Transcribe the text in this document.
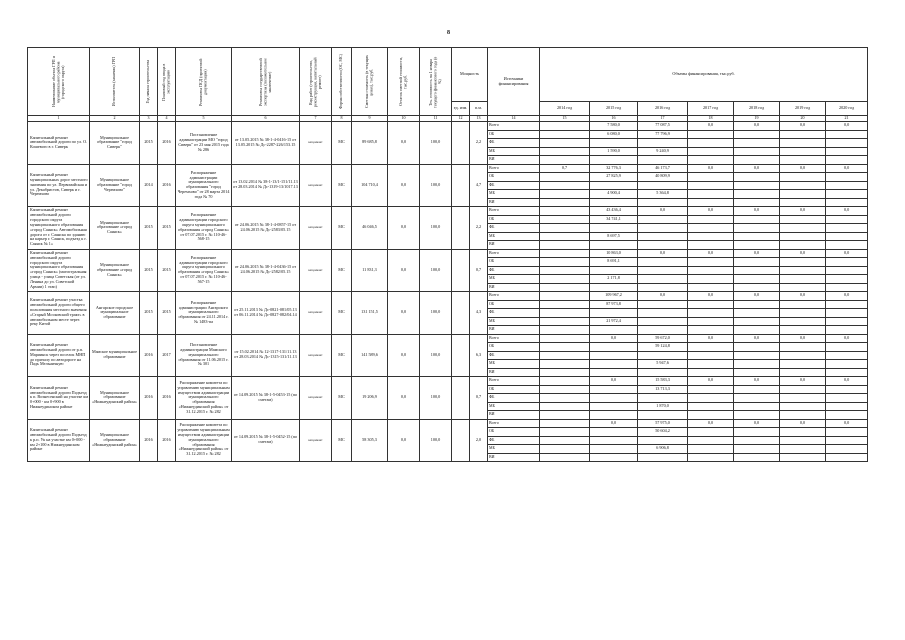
8
Наименование объекта ГРП и муниципального района (городского округа)	Исполнитель (заказчик) ГРП	Год начала строительства	Плановый год ввода в эксплуатацию	Реквизиты ПСД (проектной документации)	Реквизиты государственной экспертизы (положительное заключение)	Вид работ (строительство, реконструкция, капитальный ремонт)	Форма собственности (ОС, МС)	Сметная стоимость (в текущих ценах), тыс.руб.	Остаток сметной стоимости, тыс.руб.	Тех. готовность на 1 января текущего финансового года (в %)	Мощность		Источники финансирования	Объемы финансирования, тыс.руб.						
											ед. изм.	п.м.		2014 год	2015 год	2016 год	2017 год	2018 год	2019 год	2020 год
1	2	3	4	5	6	7	8	9	10	11	12	13	14	15	16	17	18	19	20	21
Капитальный ремонт автомобильной дороги по ул. О. Кошевого в г. Сиверк	Муниципальное образование "город Сиверк"	2015	2016	Постановление администрации МО "город Сиверк" от 23 мая 2015 года № 286	от 13.05.2015 № 38-1-4-0416-15 от 13.05.2015 № Дс-2287-226/153.15	кап.ремонт	МС	89 685,8	0,0	100,0		2,2	Всего		7 580,0	77 087,5	0,0	0,0	0,0	0,0
													ОБ		6 080,0	77 796,9				
													ФБ							
													МБ		1 590,0	9 240,9				
													ВИ							
Капитальный ремонт муниципальных дорог местного значения по ул. Первомайская и ул. Декабристов, Сиверк и г. Черемхово	Муниципальное образование "город Черемхово"	2014	2016	Распоряжение администрации муниципального образования "город Черемхово" от 28 марта 2014 года № 70	от 13.02.2014 № 38-1-13/1-151/11.13 от 28.03.2014 № Дс-1319-13/1017.13	кап.ремонт	МС	104 710,4	0,0	100,0		4,7	Всего	0,7	32 776,3	46 173,7	0,0	0,0	0,0	0,0
													ОБ		27 825,9	40 809,9				
													ФБ							
													МБ		4 900,4	5 364,8				
													ВИ							
Капитальный ремонт автомобильной дороги городского округа муниципального образования «город Саянск» Автомобильная дорога от г. Саянска по зданию на карьер г. Саянск, подъезд к г. Саянск № 1»	Муниципальное образование «город Саянск»	2015	2015	Распоряжение администрации городского округа муниципального образования «город Саянск» от 07.07.2015 г. № 110-46-568-15	от 24.06.2015 № 38-1-4-0857-15 от 24.06.2015 № Дс-2583/05.15	кап.ремонт	МС	46 046,5	0,0	100,0		2,2	Всего		43 436,4	0,0	0,0	0,0	0,0	0,0
													ОБ		34 741,1					
													ФБ							
													МБ		8 697,5					
													ВИ							
Капитальный ремонт автомобильной дороги городского округа муниципального образования «город Саянск» (магистральная улица - улица Советская (от ул. Ленина до ул. Советской Армии) 1 этап)	Муниципальное образование «город Саянск»	2015	2015	Распоряжение администрации городского округа муниципального образования «город Саянск» от 07.07.2015 г. № 110-46-567-15	от 24.06.2015 № 38-1-4-0436-15 от 24.06.2015 № Дс-2582/05.15	кап.ремонт	МС	11 831,3	0,0	100,0		0,7	Всего		10 863,0	0,0	0,0	0,0	0,0	0,0
													ОБ		8 691,1					
													ФБ							
													МБ		2 171,8					
													ВИ							
Капитальный ремонт участка автомобильной дороги общего пользования местного значения «Старый Московский тракт» в автомобильном месте через реку Китой	Ангарское городское муниципальное образование	2015	2015	Распоряжение администрации Ангарского муниципального образования от 24.11.2014 г. № 1483-па	от 25.11.2013 № Дс-0821-081/05.13 от 06.11.2014 № Дс-0827-082/04.14	кап.ремонт	МС	131 151,5	0,0	100,0		4,3	Всего		109 967,2	0,0	0,0	0,0	0,0	0,0
													ОБ		87 973,8					
													ФБ							
													МБ		21 972,4					
													ВИ							
Капитальный ремонт автомобильной дороги от р.п. Мариинск через поселок МНП до причалу по автодороге на Падь Мельничную	Мамское муниципальное образование	2016	2017	Постановление администрации Мамского муниципального образования от 11.06.2015 г. № 301	от 15.02.2014 № 12-1317-131/11.13 от 28.03.2014 № Дс-1315-131/11.13	кап.ремонт	МС	141 589,6	0,0	100,0		6,3	Всего		0,0	59 672,0	0,0	0,0	0,0	0,0
													ОБ			59 124,8				
													ФБ							
													МБ			5 947,6				
													ВИ							
Капитальный ремонт автомобильной дороги Подъезд к п. Вознесенский на участке км 0+000 - км 0+900 в Нижнеудинском районе	Муниципальное образование «Нижнеудинский район»	2016	2016	Распоряжение комитета по управлению муниципальным имуществом администрации муниципального образования «Нижнеудинский район» от 31.12.2015 г. № 282	от 14.09.2015 № 38-1-5-0453-15 (по сметам)	кап.ремонт	МС	19 206,9	0,0	100,0		0,7	Всего		0,0	15 583,3	0,0	0,0	0,0	0,0
													ОБ			13 713,3				
													ФБ							
													МБ			1 870,0				
													ВИ							
Капитальный ремонт автомобильной дороги Подъезд к р.п. Ук на участке км 0+000 - км 2+100 в Нижнеудинском районе	Муниципальное образование «Нижнеудинский район»	2016	2016	Распоряжение комитета по управлению муниципальным имуществом администрации муниципального образования «Нижнеудинский район» от 31.12.2015 г. № 282	от 14.09.2015 № 38-1-5-0452-15 (по сметам)	кап.ремонт	МС	58 305,3	0,0	100,0		2,0	Всего		0,0	57 975,0	0,0	0,0	0,0	0,0
													ОБ			50 604,2				
													ФБ							
													МБ			6 906,8				
													ВИ							
